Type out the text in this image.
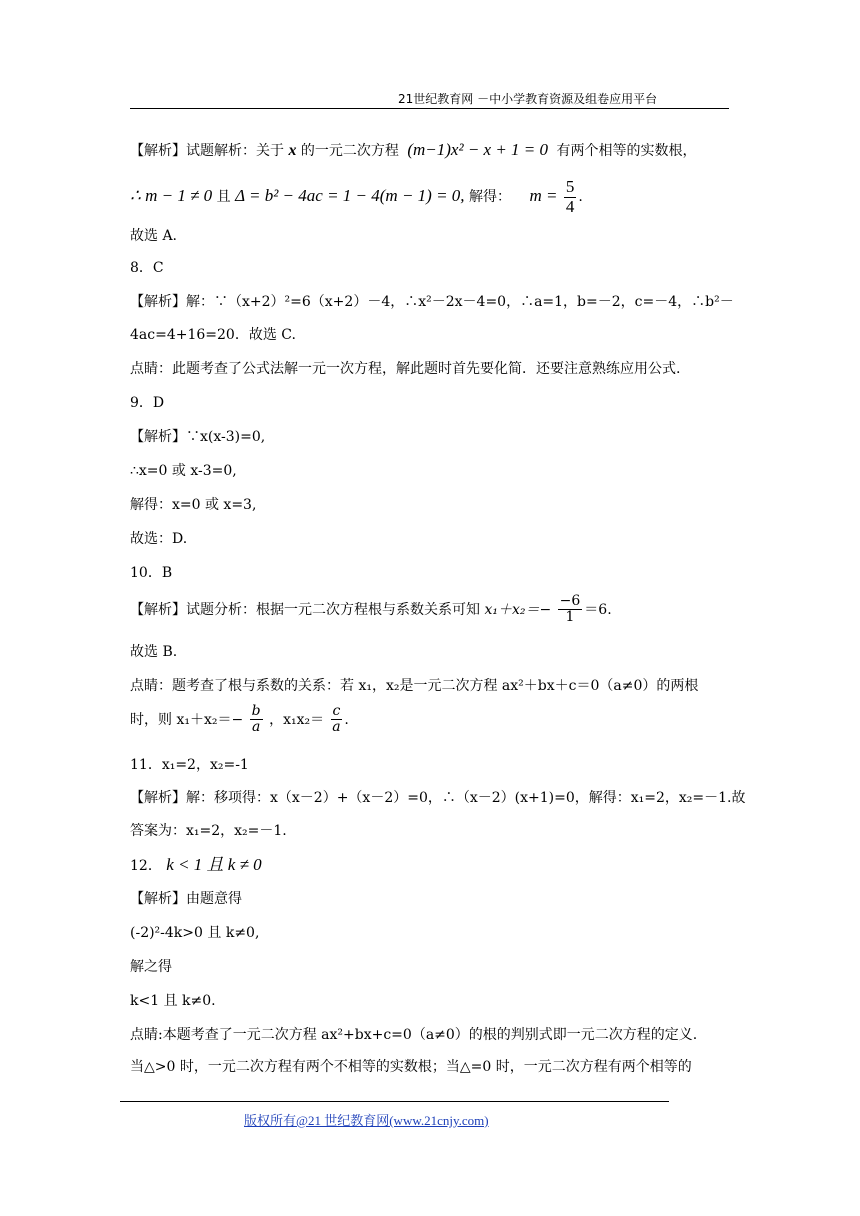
21世纪教育网 －中小学教育资源及组卷应用平台
【解析】试题解析：关于 x 的一元二次方程 (m−1)x² − x + 1 = 0 有两个相等的实数根，
∴ m − 1 ≠ 0 且 Δ = b² − 4ac = 1 − 4(m − 1) = 0, 解得： $m = \frac{5}{4}$ .
故选 A.
8．C
【解析】解：∵（x+2）²=6（x+2）－4，∴x²－2x－4=0，∴a=1，b=－2，c=－4，∴b²－
4ac=4+16=20．故选 C.
点睛：此题考查了公式法解一元一次方程，解此题时首先要化简．还要注意熟练应用公式.
9．D
【解析】∵x(x-3)=0,
∴x=0 或 x-3=0,
解得：x=0 或 x=3,
故选：D.
10．B
【解析】试题分析：根据一元二次方程根与系数关系可知 $x_1+x_2=- \frac{-6}{1} =6$.
故选 B.
点睛：题考查了根与系数的关系：若 x₁，x₂是一元二次方程 ax²＋bx＋c＝0（a≠0）的两根
时，则 $x_1+x_2=- \frac{b}{a}$ ，$x_1x_2= \frac{c}{a}$ .
11．x₁=2，x₂=-1
【解析】解：移项得：x（x－2）+（x－2）=0，∴（x－2）(x+1)=0，解得：x₁=2，x₂=－1.故
答案为：x₁=2，x₂=－1.
12． k < 1 且 k ≠ 0
【解析】由题意得
(-2)²-4k>0 且 k≠0,
解之得
k<1 且 k≠0.
点睛:本题考查了一元二次方程 ax²+bx+c=0（a≠0）的根的判别式即一元二次方程的定义.
当△>0 时，一元二次方程有两个不相等的实数根；当△=0 时，一元二次方程有两个相等的
版权所有@21 世纪教育网(www.21cnjy.com)
